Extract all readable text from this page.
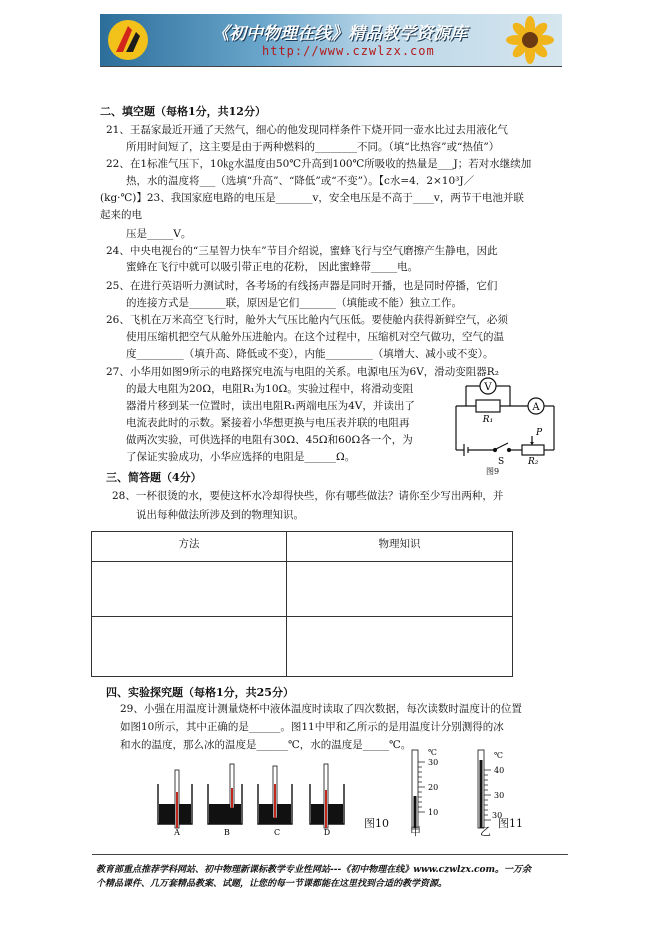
《初中物理在线》精品教学资源库
http://www.czwlzx.com
二、填空题（每格1分，共12分）
21、王磊家最近开通了天然气，细心的他发现同样条件下烧开同一壶水比过去用液化气
所用时间短了，这主要是由于两种燃料的________不同。（填“比热容”或“热值”）
22、在1标准气压下，10㎏水温度由50℃升高到100℃所吸收的热量是___J；若对水继续加
热，水的温度将___（选填“升高”、“降低”或“不变”）。【c水=4．2×10³J／
(kg·℃)】23、我国家庭电路的电压是_______v，安全电压是不高于____v，两节干电池并联
起来的电
压是_____V。
24、中央电视台的“三星智力快车”节目介绍说，蜜蜂飞行与空气磨擦产生静电，因此
蜜蜂在飞行中就可以吸引带正电的花粉， 因此蜜蜂带_____电。
25、在进行英语听力测试时，各考场的有线扬声器是同时开播，也是同时停播，它们
的连接方式是_______联，原因是它们_______（填能或不能）独立工作。
26、飞机在万米高空飞行时，舱外大气压比舱内气压低。要使舱内获得新鲜空气，必须
使用压缩机把空气从舱外压进舱内。在这个过程中，压缩机对空气做功，空气的温
度_________（填升高、降低或不变），内能_________（填增大、减小或不变）。
27、小华用如图9所示的电路探究电流与电阻的关系。电源电压为6V，滑动变阻器R₂
的最大电阻为20Ω，电阻R₁为10Ω。实验过程中，将滑动变阻
器滑片移到某一位置时，读出电阻R₁两端电压为4V，并读出了
电流表此时的示数。紧接着小华想更换与电压表并联的电阻再
做两次实验，可供选择的电阻有30Ω、45Ω和60Ω各一个，为
了保证实验成功，小华应选择的电阻是______Ω。
V
A
R₁
P
S	R₂
图9
三、简答题（4分）
28、一杯很烫的水，要使这杯水冷却得快些，你有哪些做法？请你至少写出两种，并
说出每种做法所涉及到的物理知识。
方法	物理知识

四、实验探究题（每格1分，共25分）
29、小强在用温度计测量烧杯中液体温度时读取了四次数据，每次读数时温度计的位置
如图10所示，其中正确的是______。图11中甲和乙所示的是用温度计分别测得的冰
和水的温度，那么冰的温度是______℃，水的温度是_____℃。
A	B	C	D
图10
30
20
10
℃	℃
40
30
30
甲	乙
图11
教育部重点推荐学科网站、初中物理新课标教学专业性网站---《初中物理在线》www.czwlzx.com。一万余
个精品课件、几万套精品教案、试题，让您的每一节课都能在这里找到合适的教学资源。
